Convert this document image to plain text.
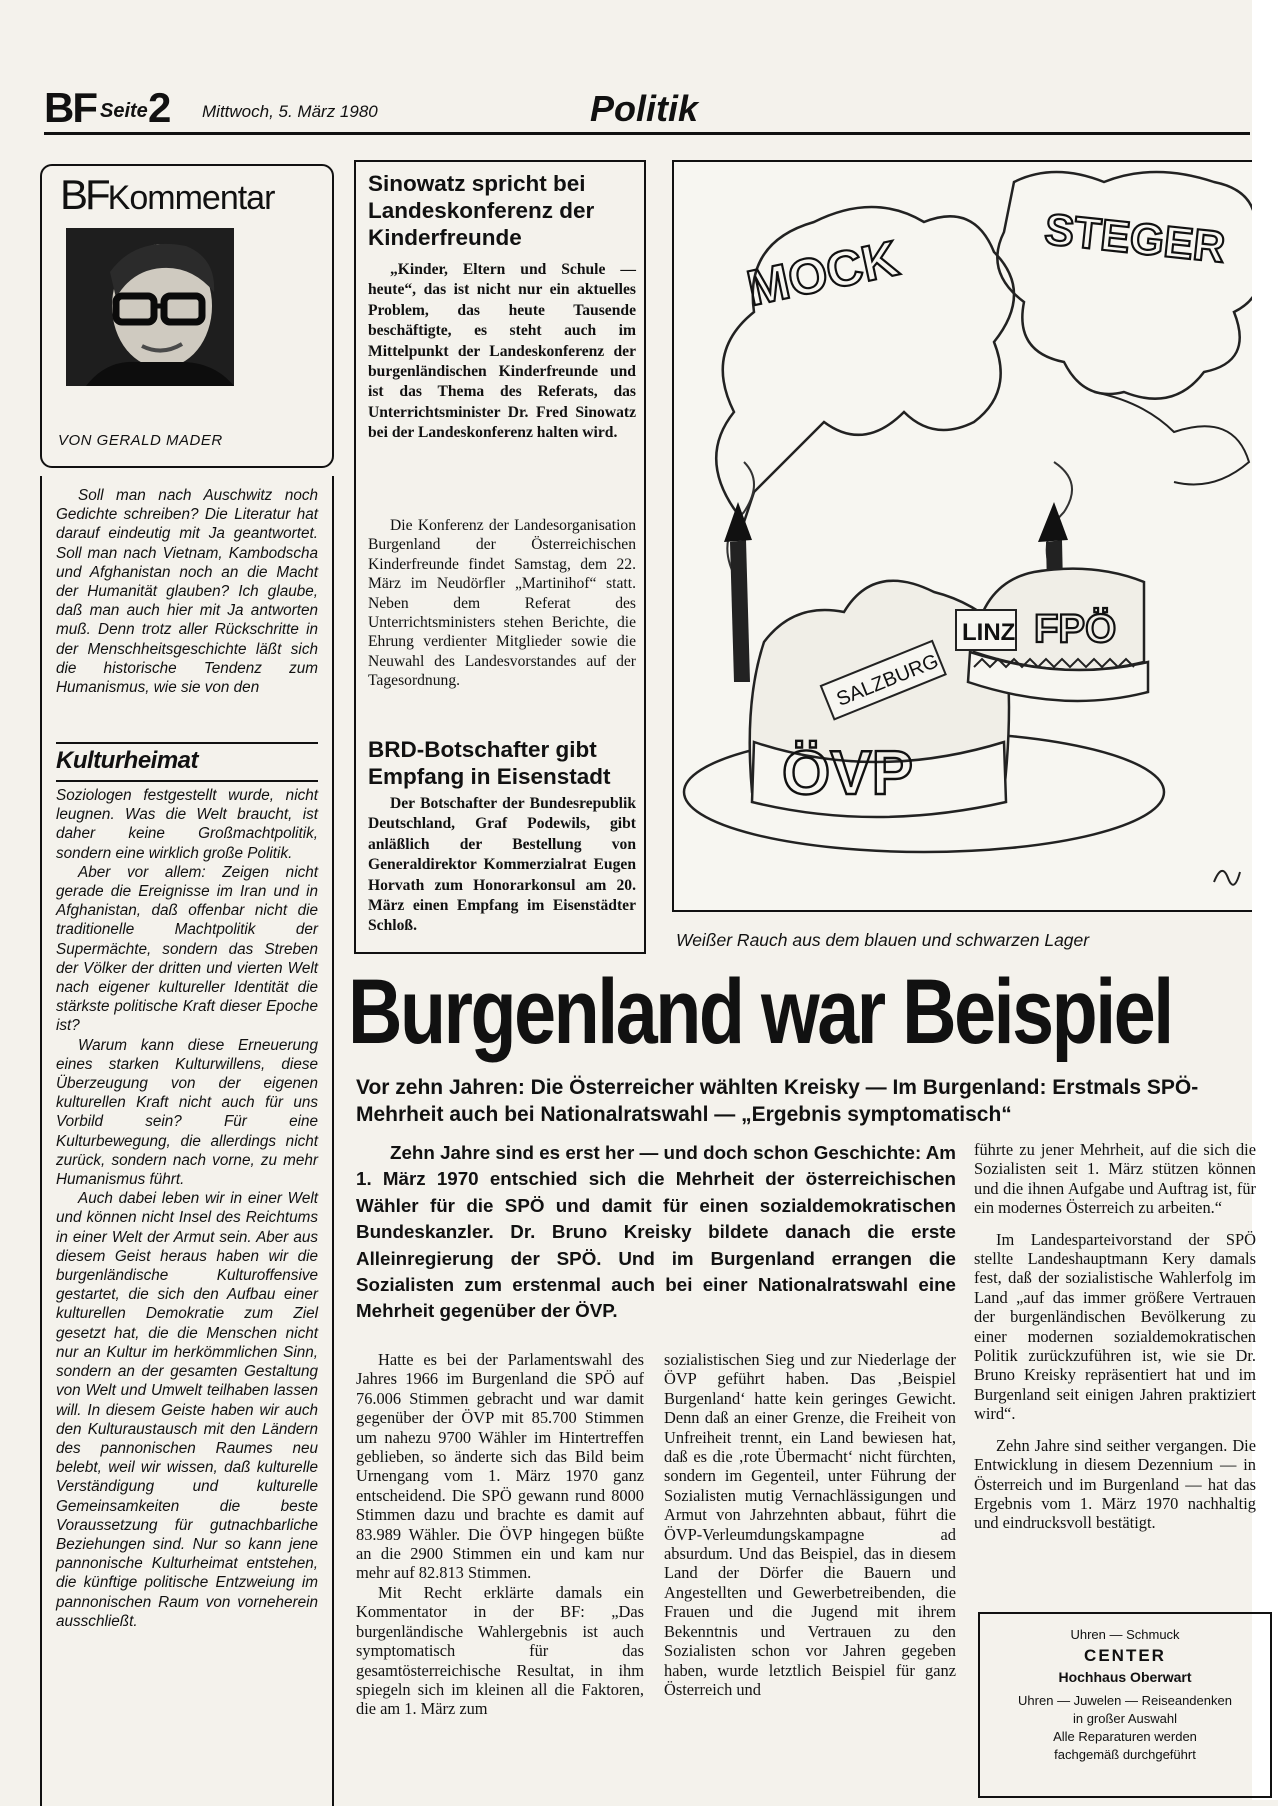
BF Seite 2 Mittwoch, 5. März 1980	Politik
BFKommentar
VON GERALD MADER

Soll man nach Auschwitz noch Gedichte schreiben? Die Literatur hat darauf eindeutig mit Ja geantwortet. Soll man nach Vietnam, Kambodscha und Afghanistan noch an die Macht der Humanität glauben? Ich glaube, daß man auch hier mit Ja antworten muß. Denn trotz aller Rückschritte in der Menschheitsgeschichte läßt sich die historische Tendenz zum Humanismus, wie sie von den

Kulturheimat

Soziologen festgestellt wurde, nicht leugnen. Was die Welt braucht, ist daher keine Großmachtpolitik, sondern eine wirklich große Politik.

Aber vor allem: Zeigen nicht gerade die Ereignisse im Iran und in Afghanistan, daß offenbar nicht die traditionelle Machtpolitik der Supermächte, sondern das Streben der Völker der dritten und vierten Welt nach eigener kultureller Identität die stärkste politische Kraft dieser Epoche ist?

Warum kann diese Erneuerung eines starken Kulturwillens, diese Überzeugung von der eigenen kulturellen Kraft nicht auch für uns Vorbild sein? Für eine Kulturbewegung, die allerdings nicht zurück, sondern nach vorne, zu mehr Humanismus führt.

Auch dabei leben wir in einer Welt und können nicht Insel des Reichtums in einer Welt der Armut sein. Aber aus diesem Geist heraus haben wir die burgenländische Kulturoffensive gestartet, die sich den Aufbau einer kulturellen Demokratie zum Ziel gesetzt hat, die die Menschen nicht nur an Kultur im herkömmlichen Sinn, sondern an der gesamten Gestaltung von Welt und Umwelt teilhaben lassen will. In diesem Geiste haben wir auch den Kulturaustausch mit den Ländern des pannonischen Raumes neu belebt, weil wir wissen, daß kulturelle Verständigung und kulturelle Gemeinsamkeiten die beste Voraussetzung für gutnachbarliche Beziehungen sind. Nur so kann jene pannonische Kulturheimat entstehen, die künftige politische Entzweiung im pannonischen Raum von vorneherein ausschließt.

Sinowatz spricht bei Landeskonferenz der Kinderfreunde

„Kinder, Eltern und Schule — heute“, das ist nicht nur ein aktuelles Problem, das heute Tausende beschäftigte, es steht auch im Mittelpunkt der Landeskonferenz der burgenländischen Kinderfreunde und ist das Thema des Referats, das Unterrichtsminister Dr. Fred Sinowatz bei der Landeskonferenz halten wird.

Die Konferenz der Landesorganisation Burgenland der Österreichischen Kinderfreunde findet Samstag, dem 22. März im Neudörfler „Martinihof“ statt. Neben dem Referat des Unterrichtsministers stehen Berichte, die Ehrung verdienter Mitglieder sowie die Neuwahl des Landesvorstandes auf der Tagesordnung.

BRD-Botschafter gibt Empfang in Eisenstadt

Der Botschafter der Bundesrepublik Deutschland, Graf Podewils, gibt anläßlich der Bestellung von Generaldirektor Kommerzialrat Eugen Horvath zum Honorarkonsul am 20. März einen Empfang im Eisenstädter Schloß.

MOCK	STEGER
ÖVP
SALZBURG
FPÖ
LINZ
Weißer Rauch aus dem blauen und schwarzen Lager
Burgenland war Beispiel

Vor zehn Jahren: Die Österreicher wählten Kreisky — Im Burgenland: Erstmals SPÖ-Mehrheit auch bei Nationalratswahl — „Ergebnis symptomatisch“

Zehn Jahre sind es erst her — und doch schon Geschichte: Am 1. März 1970 entschied sich die Mehrheit der österreichischen Wähler für die SPÖ und damit für einen sozialdemokratischen Bundeskanzler. Dr. Bruno Kreisky bildete danach die erste Alleinregierung der SPÖ. Und im Burgenland errangen die Sozialisten zum erstenmal auch bei einer Nationalratswahl eine Mehrheit gegenüber der ÖVP.

Hatte es bei der Parlamentswahl des Jahres 1966 im Burgenland die SPÖ auf 76.006 Stimmen gebracht und war damit gegenüber der ÖVP mit 85.700 Stimmen um nahezu 9700 Wähler im Hintertreffen geblieben, so änderte sich das Bild beim Urnengang vom 1. März 1970 ganz entscheidend. Die SPÖ gewann rund 8000 Stimmen dazu und brachte es damit auf 83.989 Wähler. Die ÖVP hingegen büßte an die 2900 Stimmen ein und kam nur mehr auf 82.813 Stimmen.

Mit Recht erklärte damals ein Kommentator in der BF: „Das burgenländische Wahlergebnis ist auch symptomatisch für das gesamtösterreichische Resultat, in ihm spiegeln sich im kleinen all die Faktoren, die am 1. März zum

sozialistischen Sieg und zur Niederlage der ÖVP geführt haben. Das ‚Beispiel Burgenland‘ hatte kein geringes Gewicht. Denn daß an einer Grenze, die Freiheit von Unfreiheit trennt, ein Land bewiesen hat, daß es die ‚rote Übermacht‘ nicht fürchten, sondern im Gegenteil, unter Führung der Sozialisten mutig Vernachlässigungen und Armut von Jahrzehnten abbaut, führt die ÖVP-Verleumdungskampagne ad absurdum. Und das Beispiel, das in diesem Land der Dörfer die Bauern und Angestellten und Gewerbetreibenden, die Frauen und die Jugend mit ihrem Bekenntnis und Vertrauen zu den Sozialisten schon vor Jahren gegeben haben, wurde letztlich Beispiel für ganz Österreich und

führte zu jener Mehrheit, auf die sich die Sozialisten seit 1. März stützen können und die ihnen Aufgabe und Auftrag ist, für ein modernes Österreich zu arbeiten.“

Im Landesparteivorstand der SPÖ stellte Landeshauptmann Kery damals fest, daß der sozialistische Wahlerfolg im Land „auf das immer größere Vertrauen der burgenländischen Bevölkerung zu einer modernen sozialdemokratischen Politik zurückzuführen ist, wie sie Dr. Bruno Kreisky repräsentiert hat und im Burgenland seit einigen Jahren praktiziert wird“.

Zehn Jahre sind seither vergangen. Die Entwicklung in diesem Dezennium — in Österreich und im Burgenland — hat das Ergebnis vom 1. März 1970 nachhaltig und eindrucksvoll bestätigt.

Uhren — Schmuck
CENTER
Hochhaus Oberwart
Uhren — Juwelen — Reiseandenken
in großer Auswahl
Alle Reparaturen werden
fachgemäß durchgeführt
